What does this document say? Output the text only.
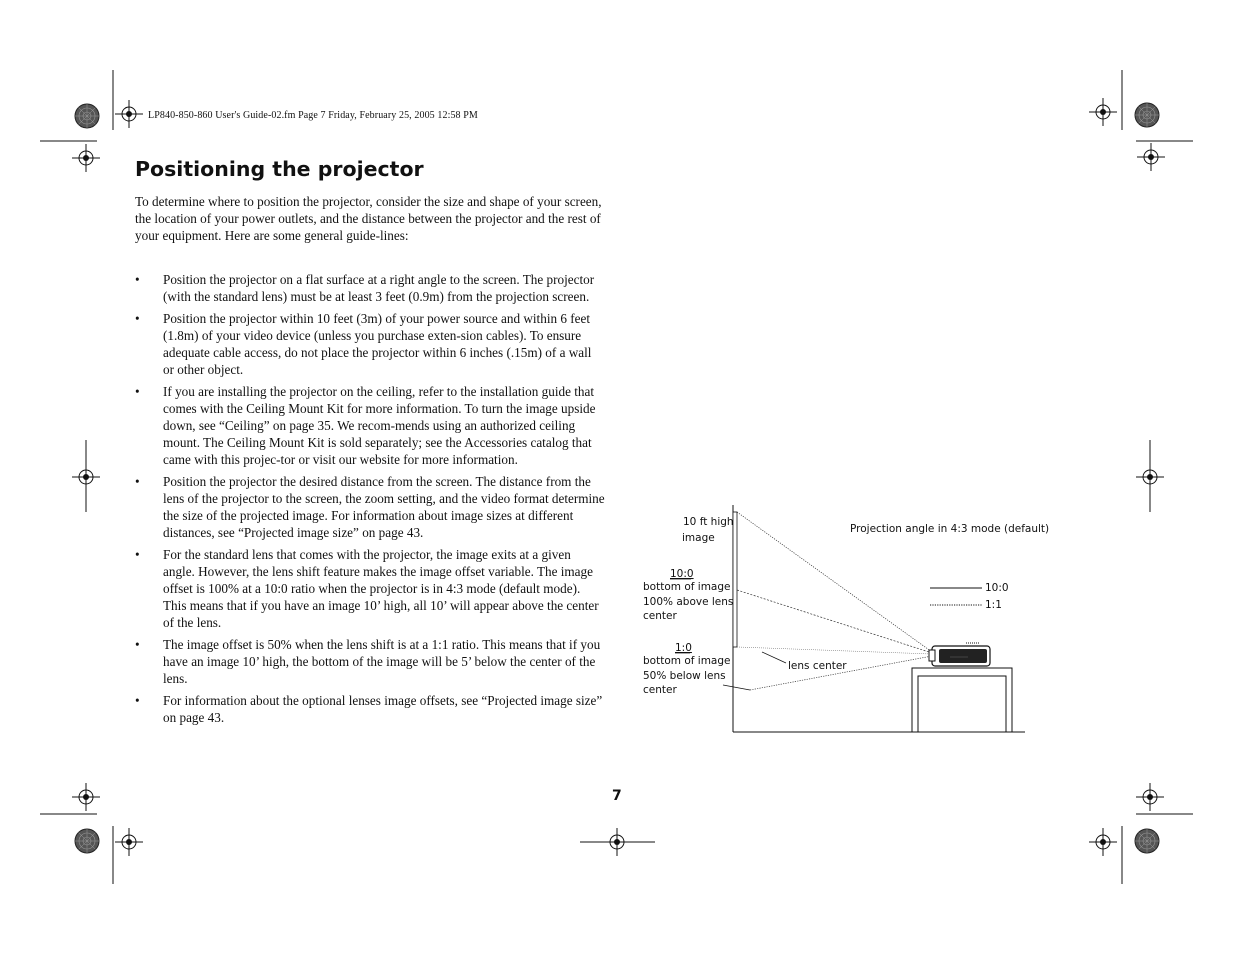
LP840-850-860 User's Guide-02.fm Page 7 Friday, February 25, 2005 12:58 PM
Positioning the projector

To determine where to position the projector, consider the size and shape of your screen, the location of your power outlets, and the distance between the projector and the rest of your equipment. Here are some general guide-lines:

• Position the projector on a flat surface at a right angle to the screen. The projector (with the standard lens) must be at least 3 feet (0.9m) from the projection screen.
• Position the projector within 10 feet (3m) of your power source and within 6 feet (1.8m) of your video device (unless you purchase exten-sion cables). To ensure adequate cable access, do not place the projector within 6 inches (.15m) of a wall or other object.
• If you are installing the projector on the ceiling, refer to the installation guide that comes with the Ceiling Mount Kit for more information. To turn the image upside down, see “Ceiling” on page 35. We recom-mends using an authorized ceiling mount. The Ceiling Mount Kit is sold separately; see the Accessories catalog that came with this projec-tor or visit our website for more information.
• Position the projector the desired distance from the screen. The distance from the lens of the projector to the screen, the zoom setting, and the video format determine the size of the projected image. For information about image sizes at different distances, see “Projected image size” on page 43.
• For the standard lens that comes with the projector, the image exits at a given angle. However, the lens shift feature makes the image offset variable. The image offset is 100% at a 10:0 ratio when the projector is in 4:3 mode (default mode). This means that if you have an image 10’ high, all 10’ will appear above the center of the lens.
• The image offset is 50% when the lens shift is at a 1:1 ratio. This means that if you have an image 10’ high, the bottom of the image will be 5’ below the center of the lens.
• For information about the optional lenses image offsets, see “Projected image size” on page 43.
Projection angle in 4:3 mode (default)
10 ft high
image
10:0
bottom of image
100% above lens
center
1:0
bottom of image
50% below lens
center
lens center
10:0
1:1
7
